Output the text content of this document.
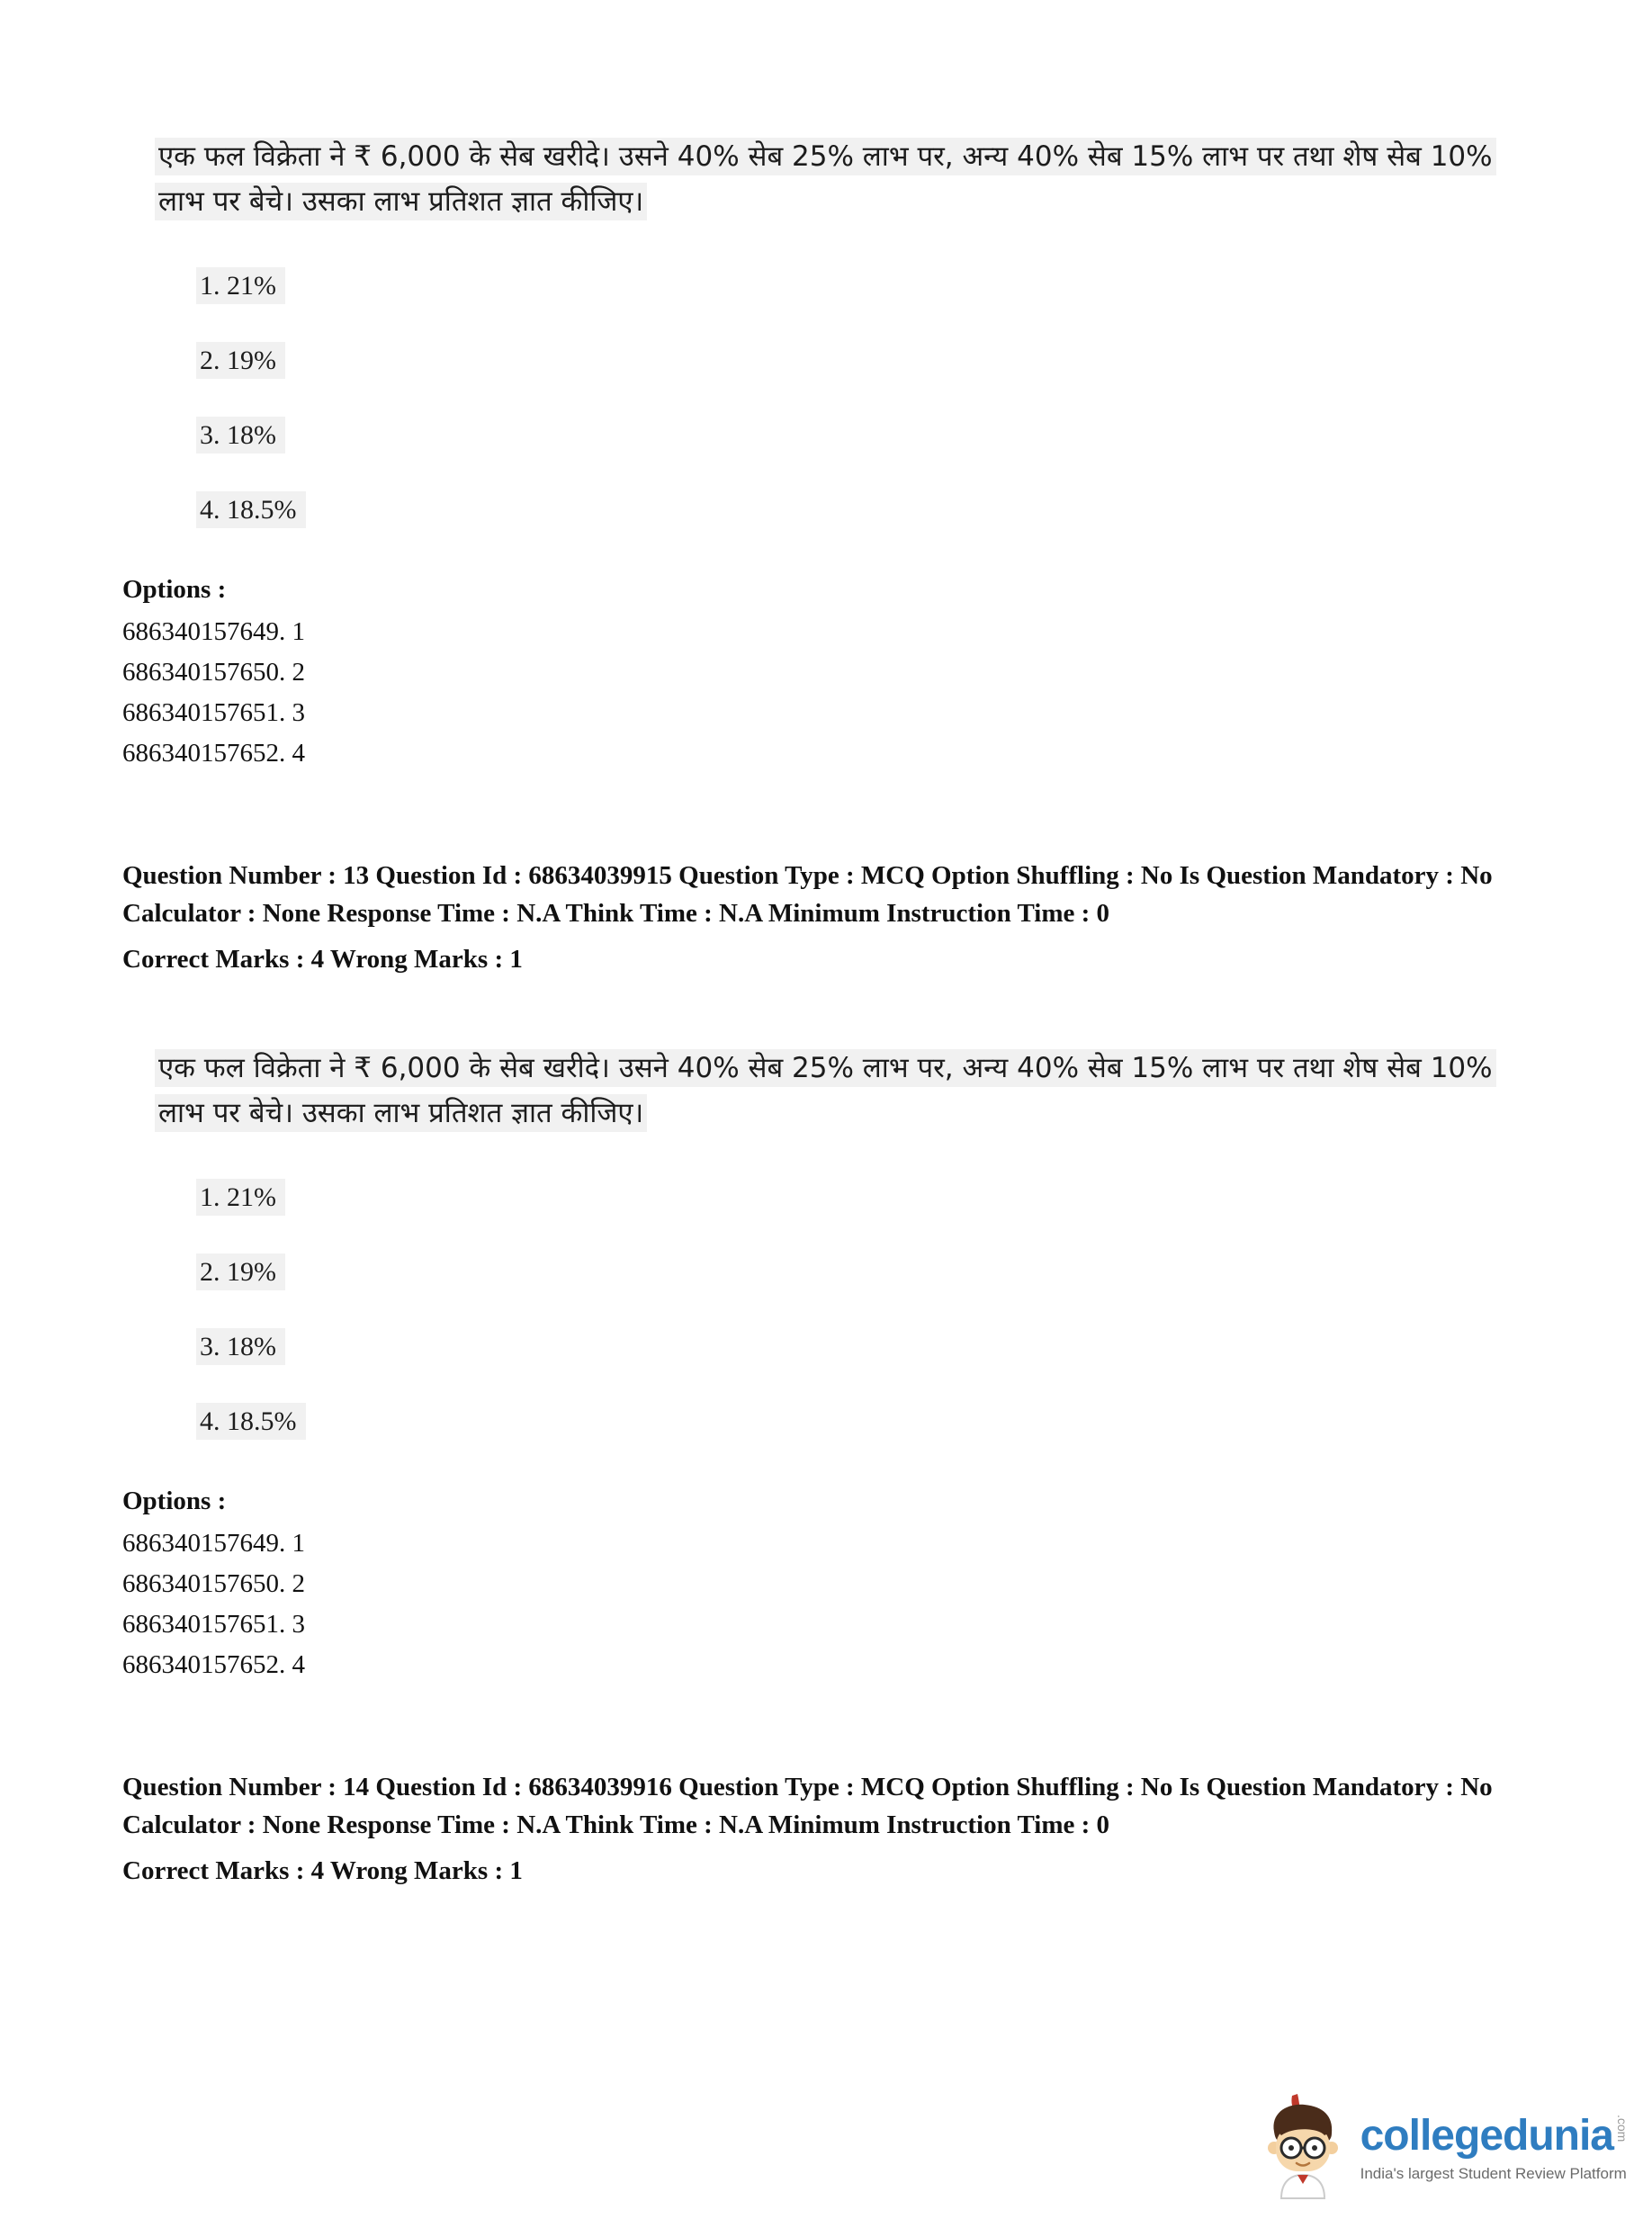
एक फल विक्रेता ने ₹ 6,000 के सेब खरीदे। उसने 40% सेब 25% लाभ पर, अन्य 40% सेब 15% लाभ पर तथा शेष सेब 10% लाभ पर बेचे। उसका लाभ प्रतिशत ज्ञात कीजिए।

1. 21%
2. 19%
3. 18%
4. 18.5%

Options :

686340157649. 1
686340157650. 2
686340157651. 3
686340157652. 4

Question Number : 13 Question Id : 68634039915 Question Type : MCQ Option Shuffling : No Is Question Mandatory : No Calculator : None Response Time : N.A Think Time : N.A Minimum Instruction Time : 0

Correct Marks : 4 Wrong Marks : 1

एक फल विक्रेता ने ₹ 6,000 के सेब खरीदे। उसने 40% सेब 25% लाभ पर, अन्य 40% सेब 15% लाभ पर तथा शेष सेब 10% लाभ पर बेचे। उसका लाभ प्रतिशत ज्ञात कीजिए।

1. 21%
2. 19%
3. 18%
4. 18.5%

Options :

686340157649. 1
686340157650. 2
686340157651. 3
686340157652. 4

Question Number : 14 Question Id : 68634039916 Question Type : MCQ Option Shuffling : No Is Question Mandatory : No Calculator : None Response Time : N.A Think Time : N.A Minimum Instruction Time : 0

Correct Marks : 4 Wrong Marks : 1

collegedunia .com
India's largest Student Review Platform
